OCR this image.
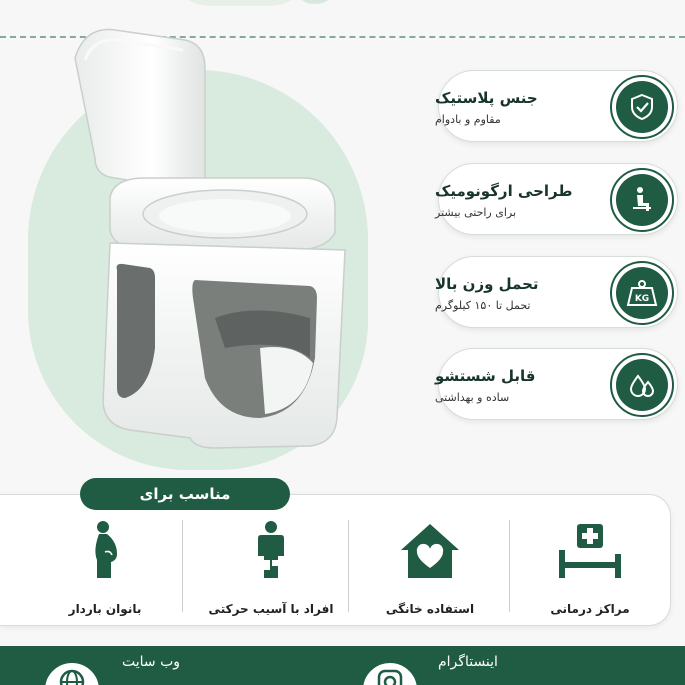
جنس پلاستیک
مقاوم و بادوام
طراحی ارگونومیک
برای راحتی بیشتر
تحمل وزن بالا
تحمل تا ۱۵۰ کیلوگرم	KG
قابل شستشو
ساده و بهداشتی
مناسب برای
بانوان باردار	افراد با آسیب حرکتی	استفاده خانگی	مراکز درمانی
وب سایت	اینستاگرام
